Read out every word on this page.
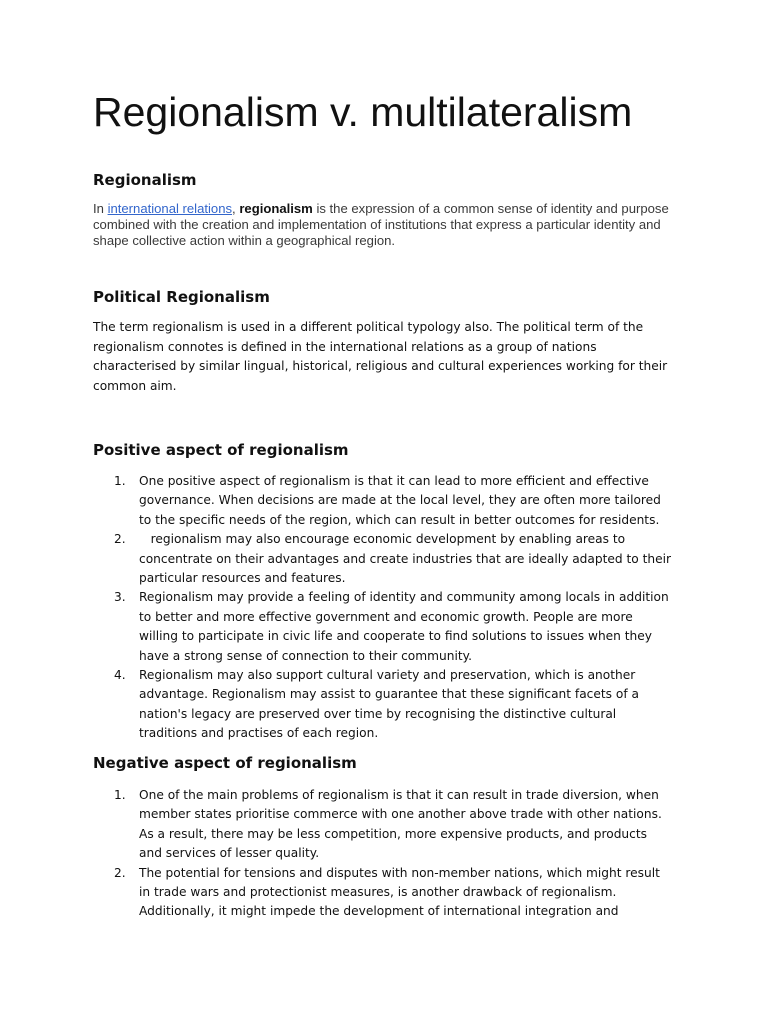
Regionalism v. multilateralism
Regionalism

In international relations, regionalism is the expression of a common sense of identity and purpose combined with the creation and implementation of institutions that express a particular identity and shape collective action within a geographical region.

Political Regionalism

The term regionalism is used in a different political typology also. The political term of the regionalism connotes is defined in the international relations as a group of nations characterised by similar lingual, historical, religious and cultural experiences working for their common aim.

Positive aspect of regionalism
1. One positive aspect of regionalism is that it can lead to more efficient and effective governance. When decisions are made at the local level, they are often more tailored to the specific needs of the region, which can result in better outcomes for residents.
2. regionalism may also encourage economic development by enabling areas to concentrate on their advantages and create industries that are ideally adapted to their particular resources and features.
3. Regionalism may provide a feeling of identity and community among locals in addition to better and more effective government and economic growth. People are more willing to participate in civic life and cooperate to find solutions to issues when they have a strong sense of connection to their community.
4. Regionalism may also support cultural variety and preservation, which is another advantage. Regionalism may assist to guarantee that these significant facets of a nation's legacy are preserved over time by recognising the distinctive cultural traditions and practises of each region.
Negative aspect of regionalism
1. One of the main problems of regionalism is that it can result in trade diversion, when member states prioritise commerce with one another above trade with other nations. As a result, there may be less competition, more expensive products, and products and services of lesser quality.
2. The potential for tensions and disputes with non-member nations, which might result in trade wars and protectionist measures, is another drawback of regionalism. Additionally, it might impede the development of international integration and
